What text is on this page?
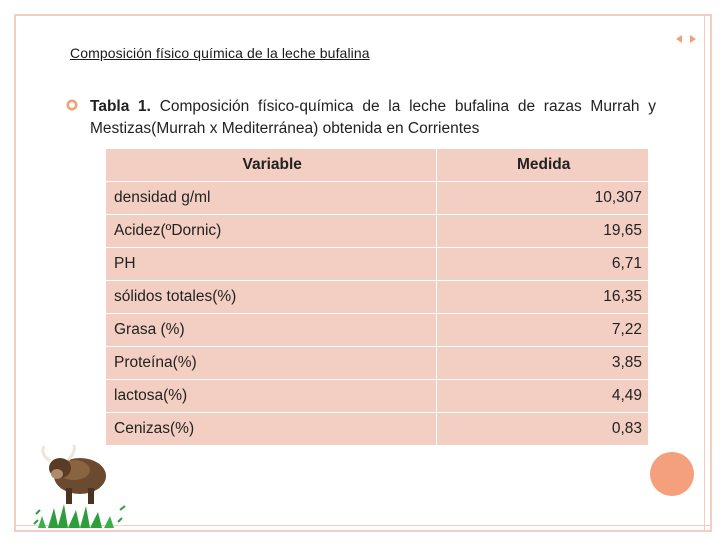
Composición físico química de la leche bufalina
Tabla 1. Composición físico-química de la leche bufalina de razas Murrah y Mestizas(Murrah x Mediterránea) obtenida en Corrientes
Variable	Medida
densidad g/ml	10,307
Acidez(ºDornic)	19,65
PH	6,71
sólidos totales(%)	16,35
Grasa (%)	7,22
Proteína(%)	3,85
lactosa(%)	4,49
Cenizas(%)	0,83
